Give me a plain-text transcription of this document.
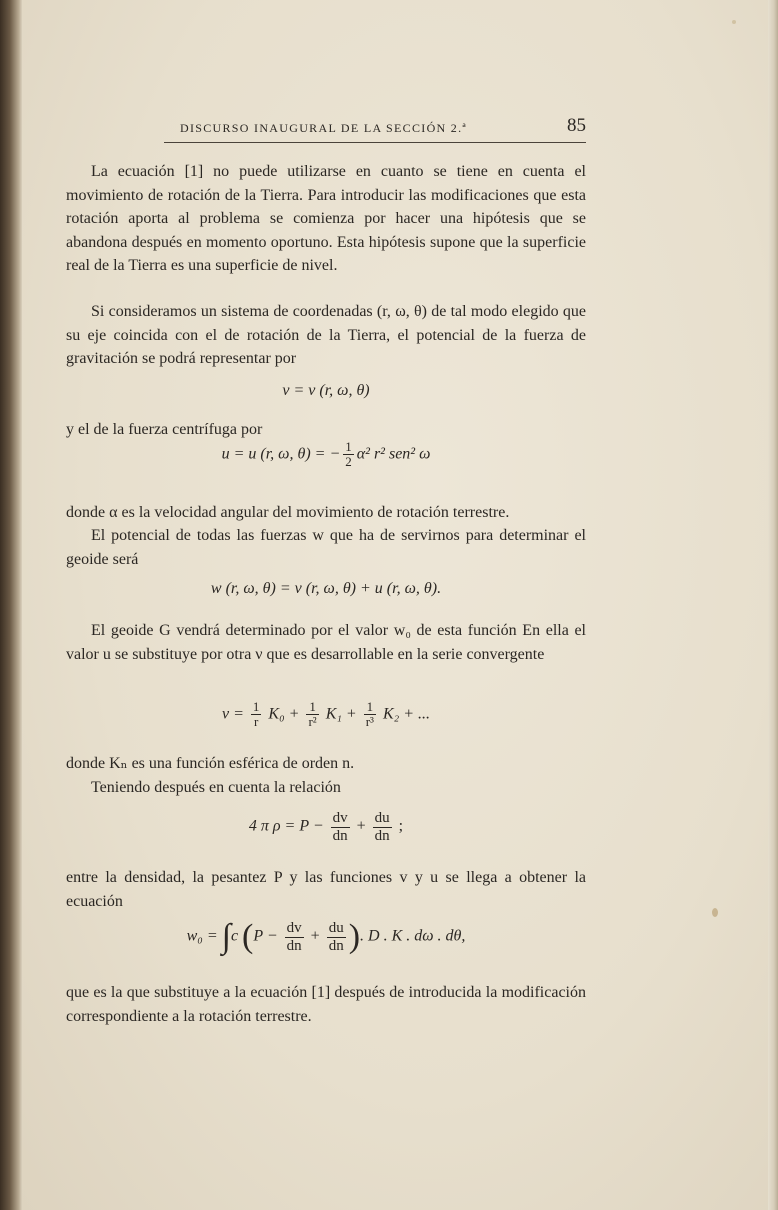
DISCURSO INAUGURAL DE LA SECCIÓN 2.ª	85

La ecuación [1] no puede utilizarse en cuanto se tiene en cuenta el movimiento de rotación de la Tierra. Para introducir las modificaciones que esta rotación aporta al problema se comienza por hacer una hipótesis que se abandona después en momento oportuno. Esta hipótesis supone que la superficie real de la Tierra es una superficie de nivel.

Si consideramos un sistema de coordenadas (r, ω, θ) de tal modo elegido que su eje coincida con el de rotación de la Tierra, el potencial de la fuerza de gravitación se podrá representar por

v = v (r, ω, θ)

y el de la fuerza centrífuga por

u = u (r, ω, θ) = − $\frac{1}{2} \alpha^2$ r² sen² ω

donde α es la velocidad angular del movimiento de rotación terrestre.

El potencial de todas las fuerzas w que ha de servirnos para determinar el geoide será

w (r, ω, θ) = v (r, ω, θ) + u (r, ω, θ).

El geoide G vendrá determinado por el valor w₀ de esta función En ella el valor u se substituye por otra ν que es desarrollable en la serie convergente

$\nu = \frac{1}{r} K_0 + \frac{1}{\text{r²}} K_1 + \frac{1}{\text{r³}} K_2$ + ...

donde Kₙ es una función esférica de orden n.

Teniendo después en cuenta la relación

4 π $\rho = P - \frac{dv}{dn} + \frac{du}{dn}$ ;

entre la densidad, la pesantez P y las funciones v y u se llega a obtener la ecuación

w₀ = ∫c ($P - \frac{dv}{dn} + \frac{du}{dn}$ ). D . K . dω . dθ,

que es la que substituye a la ecuación [1] después de introducida la modificación correspondiente a la rotación terrestre.
